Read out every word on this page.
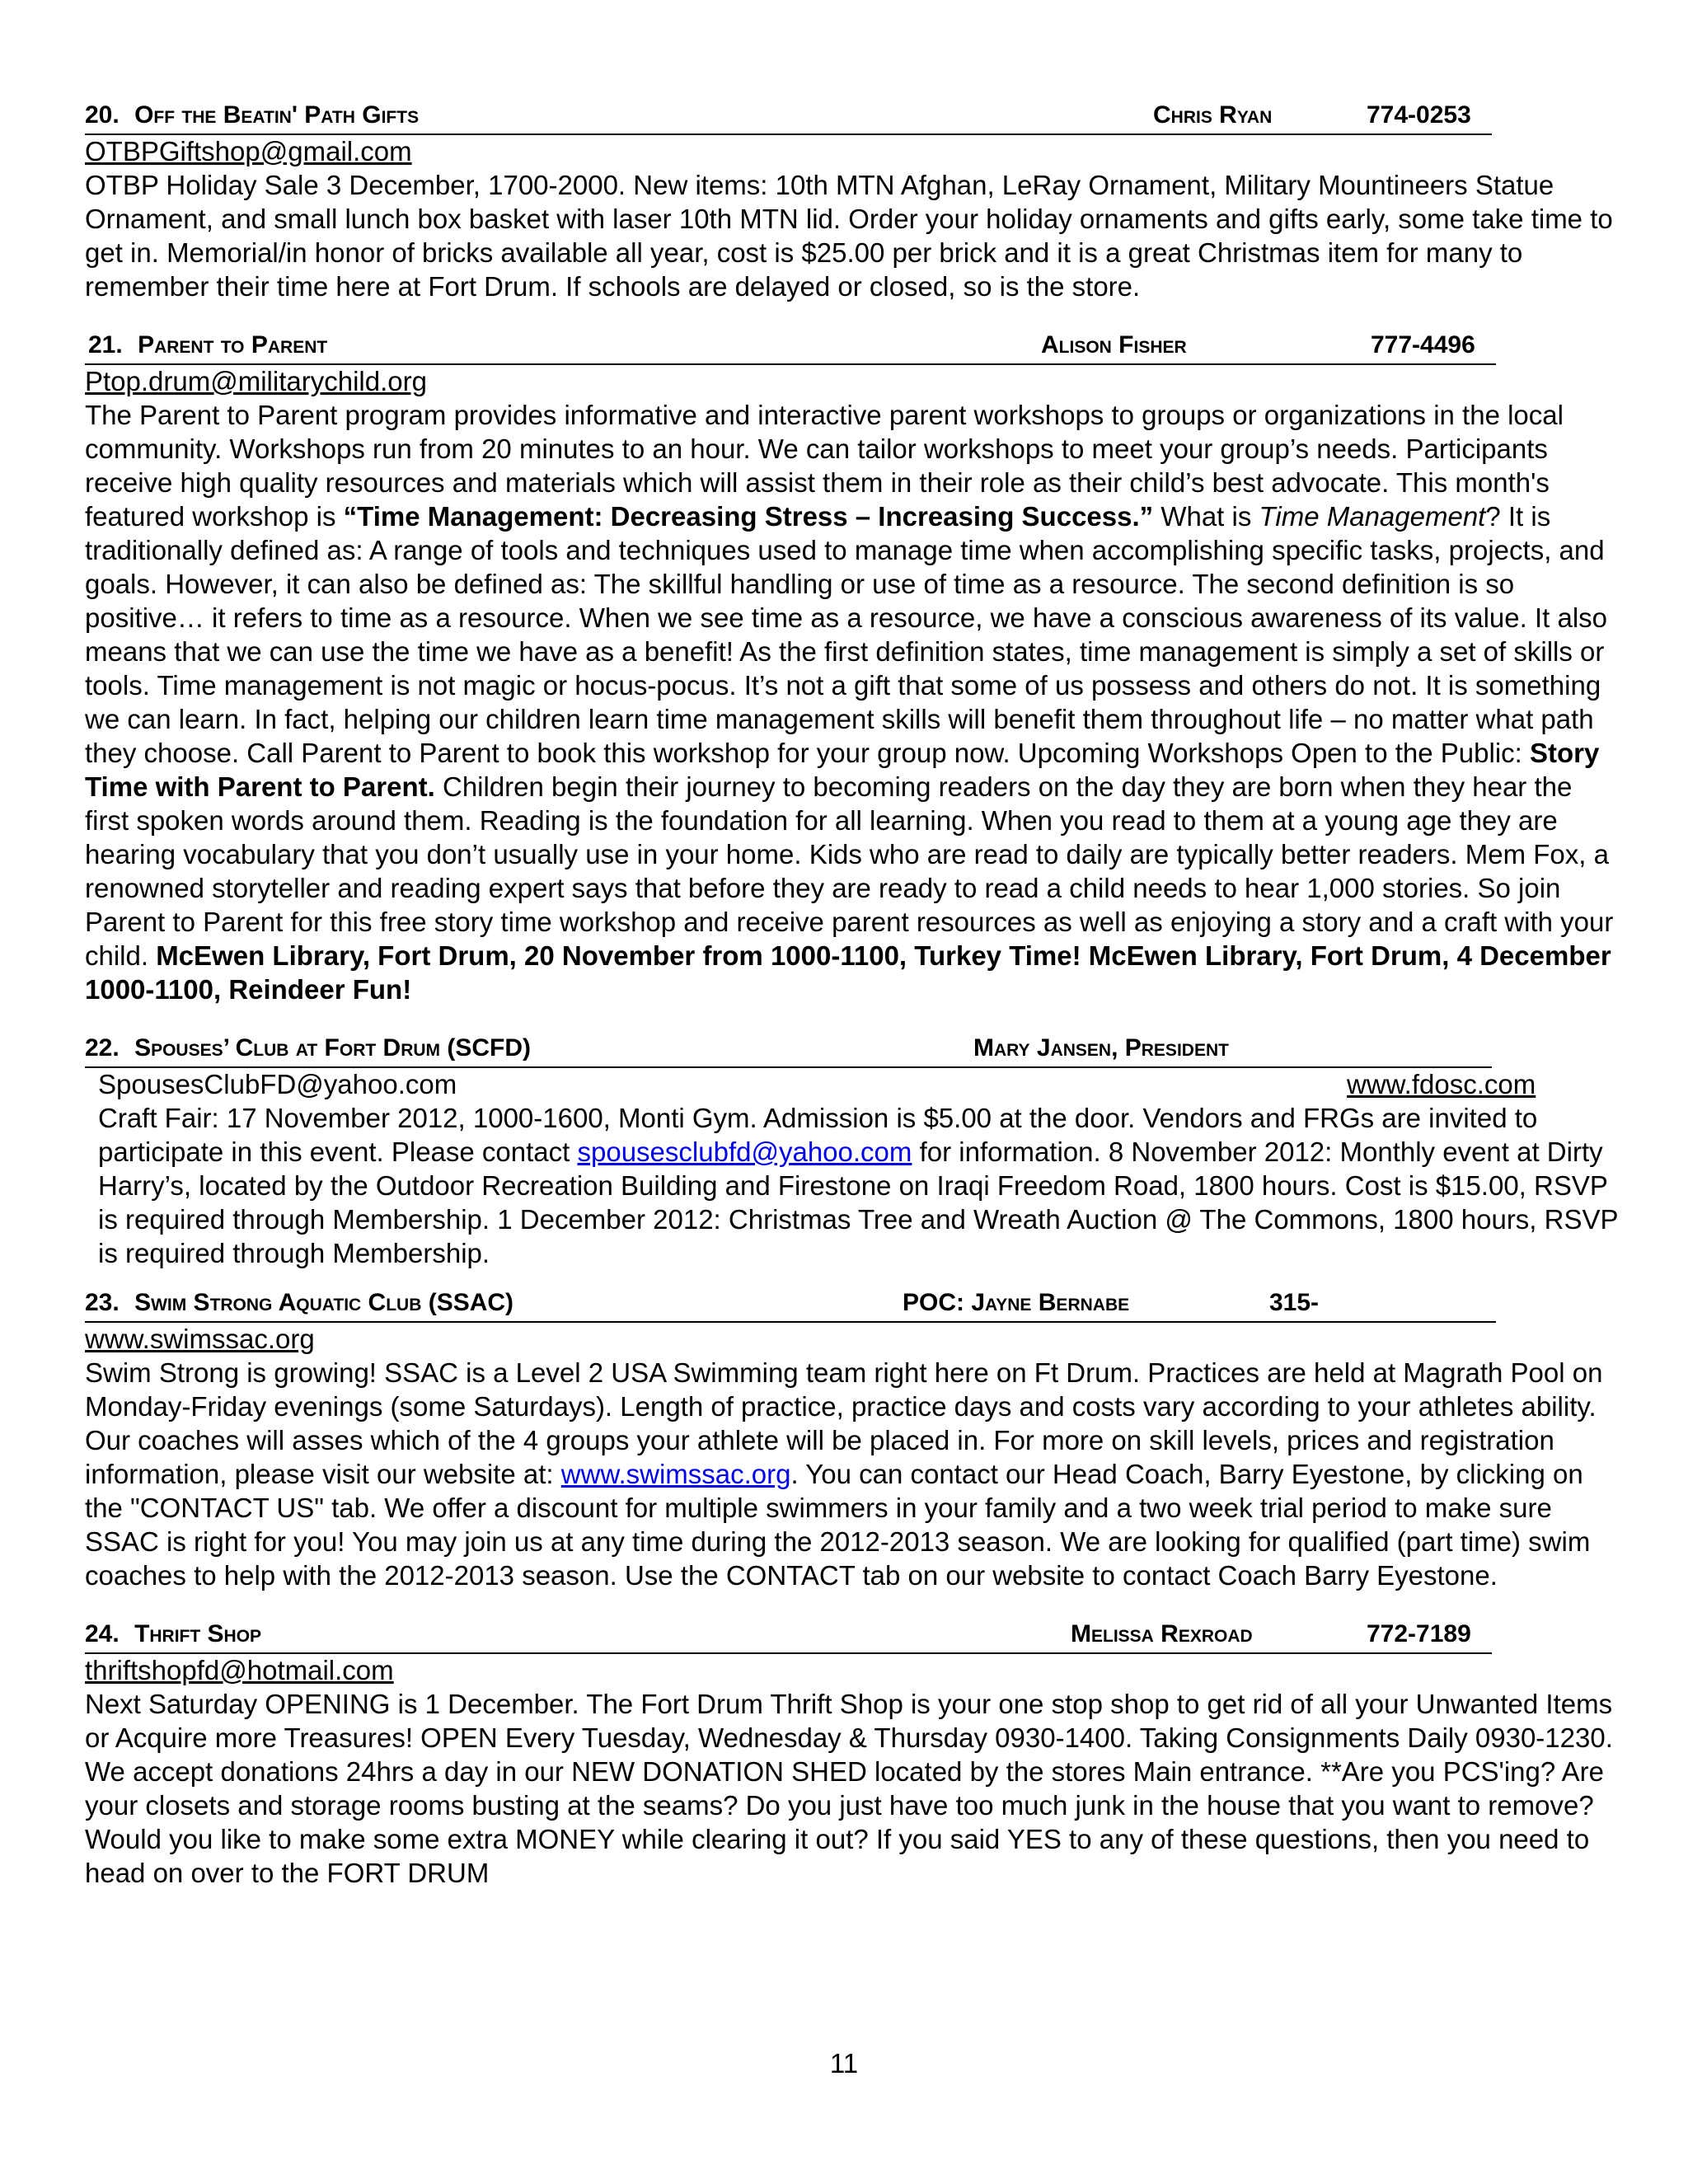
20. Off the Beatin' Path Gifts	Chris Ryan	774-0253
OTBPGiftshop@gmail.com
OTBP Holiday Sale 3 December, 1700-2000. New items: 10th MTN Afghan, LeRay Ornament, Military Mountineers Statue Ornament, and small lunch box basket with laser 10th MTN lid. Order your holiday ornaments and gifts early, some take time to get in. Memorial/in honor of bricks available all year, cost is $25.00 per brick and it is a great Christmas item for many to remember their time here at Fort Drum. If schools are delayed or closed, so is the store.
21. Parent to Parent	Alison Fisher	777-4496
Ptop.drum@militarychild.org
The Parent to Parent program provides informative and interactive parent workshops to groups or organizations in the local community. Workshops run from 20 minutes to an hour. We can tailor workshops to meet your group’s needs. Participants receive high quality resources and materials which will assist them in their role as their child’s best advocate. This month's featured workshop is “Time Management: Decreasing Stress – Increasing Success.” What is Time Management? It is traditionally defined as: A range of tools and techniques used to manage time when accomplishing specific tasks, projects, and goals. However, it can also be defined as: The skillful handling or use of time as a resource. The second definition is so positive… it refers to time as a resource. When we see time as a resource, we have a conscious awareness of its value. It also means that we can use the time we have as a benefit! As the first definition states, time management is simply a set of skills or tools. Time management is not magic or hocus-pocus. It’s not a gift that some of us possess and others do not. It is something we can learn. In fact, helping our children learn time management skills will benefit them throughout life – no matter what path they choose. Call Parent to Parent to book this workshop for your group now. Upcoming Workshops Open to the Public: Story Time with Parent to Parent. Children begin their journey to becoming readers on the day they are born when they hear the first spoken words around them. Reading is the foundation for all learning. When you read to them at a young age they are hearing vocabulary that you don’t usually use in your home. Kids who are read to daily are typically better readers. Mem Fox, a renowned storyteller and reading expert says that before they are ready to read a child needs to hear 1,000 stories. So join Parent to Parent for this free story time workshop and receive parent resources as well as enjoying a story and a craft with your child. McEwen Library, Fort Drum, 20 November from 1000-1100, Turkey Time! McEwen Library, Fort Drum, 4 December 1000-1100, Reindeer Fun!
22. Spouses’ Club at Fort Drum (SCFD)	Mary Jansen, President
SpousesClubFD@yahoo.com	www.fdosc.com
Craft Fair: 17 November 2012, 1000-1600, Monti Gym. Admission is $5.00 at the door. Vendors and FRGs are invited to participate in this event. Please contact spousesclubfd@yahoo.com for information. 8 November 2012: Monthly event at Dirty Harry’s, located by the Outdoor Recreation Building and Firestone on Iraqi Freedom Road, 1800 hours. Cost is $15.00, RSVP is required through Membership. 1 December 2012: Christmas Tree and Wreath Auction @ The Commons, 1800 hours, RSVP is required through Membership.
23. Swim Strong Aquatic Club (SSAC)	POC: Jayne Bernabe	315-
www.swimssac.org
Swim Strong is growing! SSAC is a Level 2 USA Swimming team right here on Ft Drum. Practices are held at Magrath Pool on Monday-Friday evenings (some Saturdays). Length of practice, practice days and costs vary according to your athletes ability. Our coaches will asses which of the 4 groups your athlete will be placed in. For more on skill levels, prices and registration information, please visit our website at: www.swimssac.org. You can contact our Head Coach, Barry Eyestone, by clicking on the "CONTACT US" tab. We offer a discount for multiple swimmers in your family and a two week trial period to make sure SSAC is right for you! You may join us at any time during the 2012-2013 season. We are looking for qualified (part time) swim coaches to help with the 2012-2013 season. Use the CONTACT tab on our website to contact Coach Barry Eyestone.
24. Thrift Shop	Melissa Rexroad	772-7189
thriftshopfd@hotmail.com
Next Saturday OPENING is 1 December. The Fort Drum Thrift Shop is your one stop shop to get rid of all your Unwanted Items or Acquire more Treasures! OPEN Every Tuesday, Wednesday & Thursday 0930-1400. Taking Consignments Daily 0930-1230. We accept donations 24hrs a day in our NEW DONATION SHED located by the stores Main entrance. **Are you PCS'ing? Are your closets and storage rooms busting at the seams? Do you just have too much junk in the house that you want to remove? Would you like to make some extra MONEY while clearing it out? If you said YES to any of these questions, then you need to head on over to the FORT DRUM
11
